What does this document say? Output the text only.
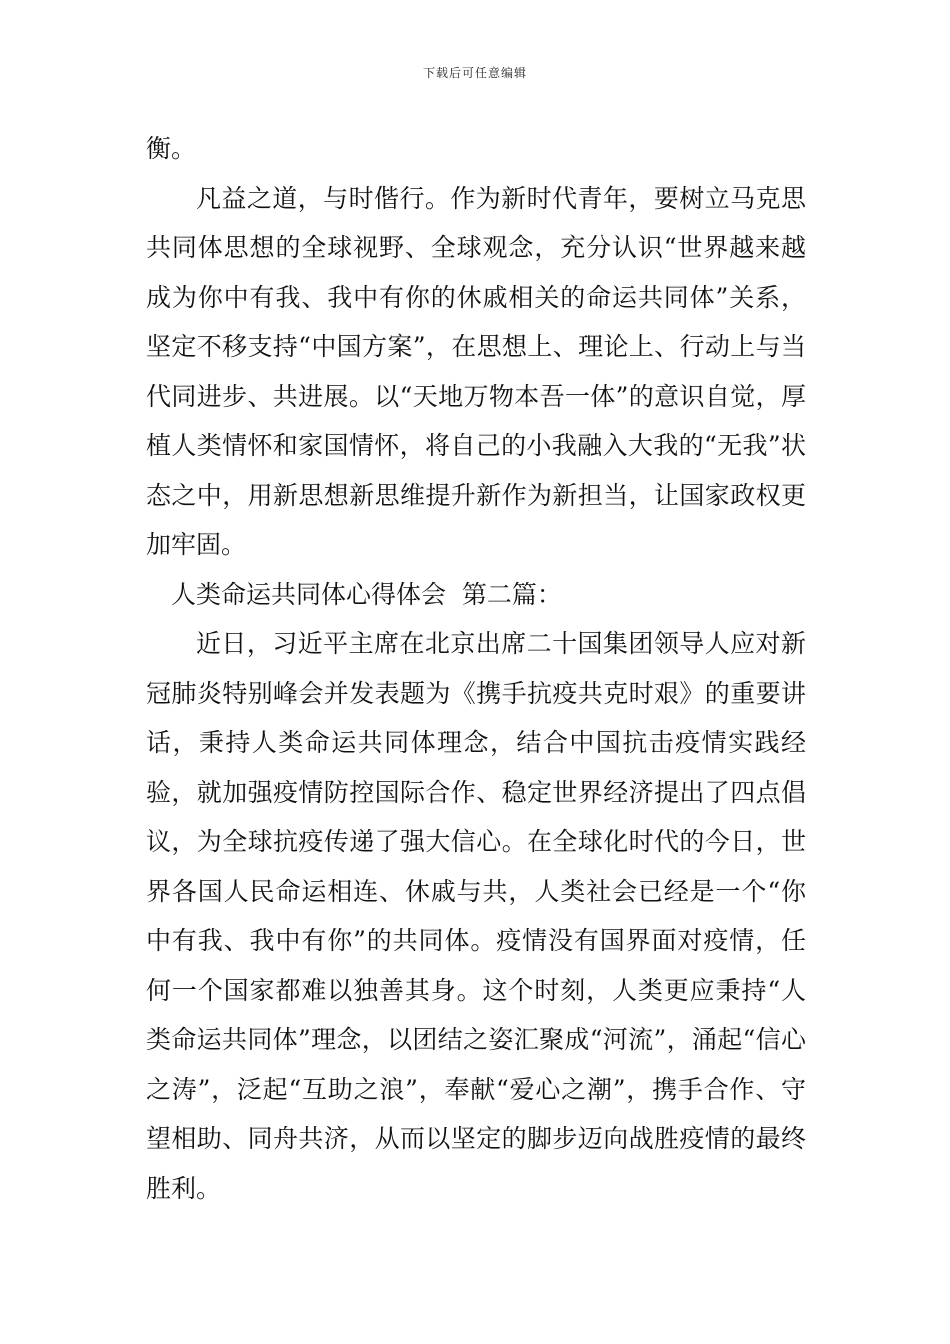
下载后可任意编辑

衡。

凡益之道，与时偕行。作为新时代青年，要树立马克思共同体思想的全球视野、全球观念，充分认识“世界越来越成为你中有我、我中有你的休戚相关的命运共同体”关系，坚定不移支持“中国方案”，在思想上、理论上、行动上与当代同进步、共进展。以“天地万物本吾一体”的意识自觉，厚植人类情怀和家国情怀，将自己的小我融入大我的“无我”状态之中，用新思想新思维提升新作为新担当，让国家政权更加牢固。

人类命运共同体心得体会  第二篇：

近日，习近平主席在北京出席二十国集团领导人应对新冠肺炎特别峰会并发表题为《携手抗疫共克时艰》的重要讲话，秉持人类命运共同体理念，结合中国抗击疫情实践经验，就加强疫情防控国际合作、稳定世界经济提出了四点倡议，为全球抗疫传递了强大信心。在全球化时代的今日，世界各国人民命运相连、休戚与共，人类社会已经是一个“你中有我、我中有你”的共同体。疫情没有国界面对疫情，任何一个国家都难以独善其身。这个时刻，人类更应秉持“人类命运共同体”理念，以团结之姿汇聚成“河流”，涌起“信心之涛”，泛起“互助之浪”，奉献“爱心之潮”，携手合作、守望相助、同舟共济，从而以坚定的脚步迈向战胜疫情的最终胜利。
